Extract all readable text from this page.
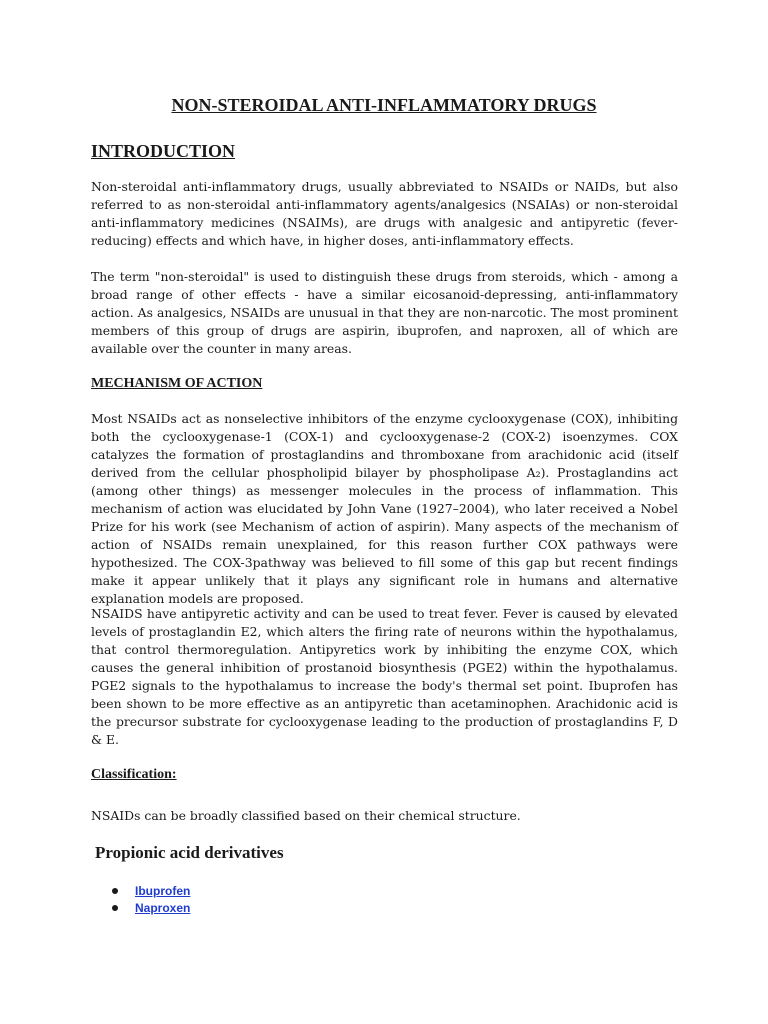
NON-STEROIDAL ANTI-INFLAMMATORY DRUGS
INTRODUCTION

Non-steroidal anti-inflammatory drugs, usually abbreviated to NSAIDs or NAIDs, but also referred to as non-steroidal anti-inflammatory agents/analgesics (NSAIAs) or non-steroidal anti-inflammatory medicines (NSAIMs), are drugs with analgesic and antipyretic (fever-reducing) effects and which have, in higher doses, anti-inflammatory effects.

The term "non-steroidal" is used to distinguish these drugs from steroids, which - among a broad range of other effects - have a similar eicosanoid-depressing, anti-inflammatory action. As analgesics, NSAIDs are unusual in that they are non-narcotic. The most prominent members of this group of drugs are aspirin, ibuprofen, and naproxen, all of which are available over the counter in many areas.

MECHANISM OF ACTION

Most NSAIDs act as nonselective inhibitors of the enzyme cyclooxygenase (COX), inhibiting both the cyclooxygenase-1 (COX-1) and cyclooxygenase-2 (COX-2) isoenzymes. COX catalyzes the formation of prostaglandins and thromboxane from arachidonic acid (itself derived from the cellular phospholipid bilayer by phospholipase A₂). Prostaglandins act (among other things) as messenger molecules in the process of inflammation. This mechanism of action was elucidated by John Vane (1927–2004), who later received a Nobel Prize for his work (see Mechanism of action of aspirin). Many aspects of the mechanism of action of NSAIDs remain unexplained, for this reason further COX pathways were hypothesized. The COX-3pathway was believed to fill some of this gap but recent findings make it appear unlikely that it plays any significant role in humans and alternative explanation models are proposed.

NSAIDS have antipyretic activity and can be used to treat fever. Fever is caused by elevated levels of prostaglandin E2, which alters the firing rate of neurons within the hypothalamus, that control thermoregulation. Antipyretics work by inhibiting the enzyme COX, which causes the general inhibition of prostanoid biosynthesis (PGE2) within the hypothalamus. PGE2 signals to the hypothalamus to increase the body's thermal set point. Ibuprofen has been shown to be more effective as an antipyretic than acetaminophen. Arachidonic acid is the precursor substrate for cyclooxygenase leading to the production of prostaglandins F, D & E.

Classification:

NSAIDs can be broadly classified based on their chemical structure.

Propionic acid derivatives
Ibuprofen
Naproxen
